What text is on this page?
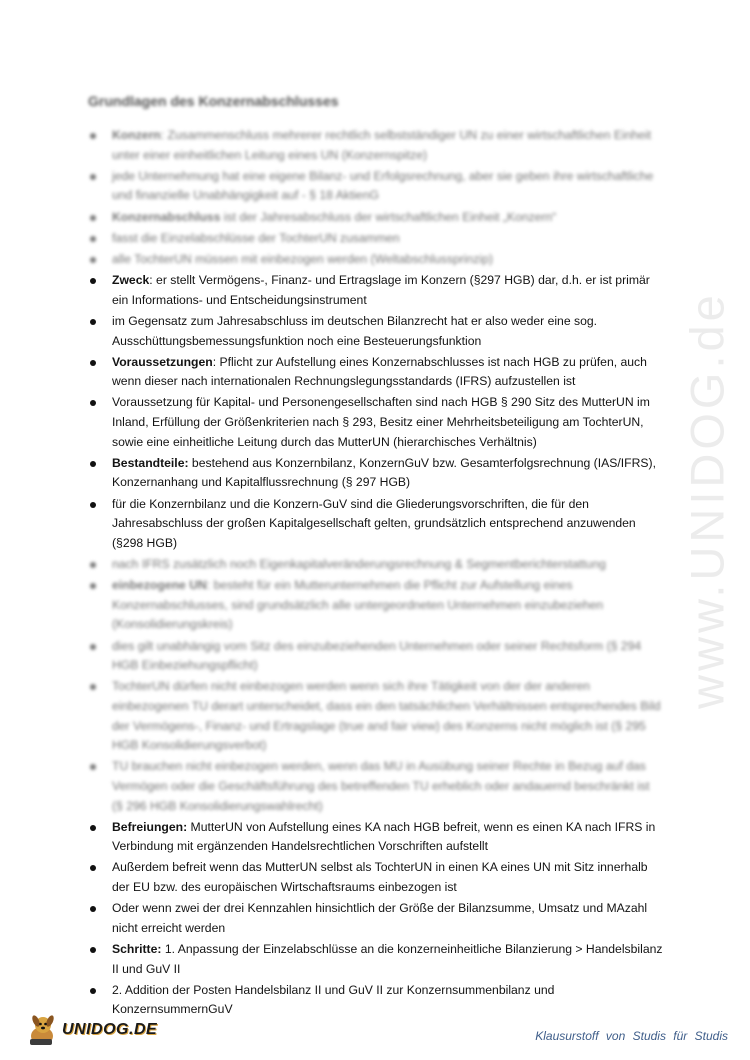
www.UNIDOG.de
Grundlagen des Konzernabschlusses
Konzern: Zusammenschluss mehrerer rechtlich selbstständiger UN zu einer wirtschaftlichen Einheit unter einer einheitlichen Leitung eines UN (Konzernspitze)
jede Unternehmung hat eine eigene Bilanz- und Erfolgsrechnung, aber sie geben ihre wirtschaftliche und finanzielle Unabhängigkeit auf - § 18 AktienG
Konzernabschluss ist der Jahresabschluss der wirtschaftlichen Einheit „Konzern“
fasst die Einzelabschlüsse der TochterUN zusammen
alle TochterUN müssen mit einbezogen werden (Weltabschlussprinzip)
Zweck: er stellt Vermögens-, Finanz- und Ertragslage im Konzern (§297 HGB) dar, d.h. er ist primär ein Informations- und Entscheidungsinstrument
im Gegensatz zum Jahresabschluss im deutschen Bilanzrecht hat er also weder eine sog. Ausschüttungsbemessungsfunktion noch eine Besteuerungsfunktion
Voraussetzungen: Pflicht zur Aufstellung eines Konzernabschlusses ist nach HGB zu prüfen, auch wenn dieser nach internationalen Rechnungslegungsstandards (IFRS) aufzustellen ist
Voraussetzung für Kapital- und Personengesellschaften sind nach HGB § 290 Sitz des MutterUN im Inland, Erfüllung der Größenkriterien nach § 293, Besitz einer Mehrheitsbeteiligung am TochterUN, sowie eine einheitliche Leitung durch das MutterUN (hierarchisches Verhältnis)
Bestandteile: bestehend aus Konzernbilanz, KonzernGuV bzw. Gesamterfolgsrechnung (IAS/IFRS), Konzernanhang und Kapitalflussrechnung (§ 297 HGB)
für die Konzernbilanz und die Konzern-GuV sind die Gliederungsvorschriften, die für den Jahresabschluss der großen Kapitalgesellschaft gelten, grundsätzlich entsprechend anzuwenden (§298 HGB)
nach IFRS zusätzlich noch Eigenkapitalveränderungsrechnung & Segmentberichterstattung
einbezogene UN: besteht für ein Mutterunternehmen die Pflicht zur Aufstellung eines Konzernabschlusses, sind grundsätzlich alle untergeordneten Unternehmen einzubeziehen (Konsolidierungskreis)
dies gilt unabhängig vom Sitz des einzubeziehenden Unternehmen oder seiner Rechtsform (§ 294 HGB Einbeziehungspflicht)
TochterUN dürfen nicht einbezogen werden wenn sich ihre Tätigkeit von der der anderen einbezogenen TU derart unterscheidet, dass ein den tatsächlichen Verhältnissen entsprechendes Bild der Vermögens-, Finanz- und Ertragslage (true and fair view) des Konzerns nicht möglich ist (§ 295 HGB Konsolidierungsverbot)
TU brauchen nicht einbezogen werden, wenn das MU in Ausübung seiner Rechte in Bezug auf das Vermögen oder die Geschäftsführung des betreffenden TU erheblich oder andauernd beschränkt ist (§ 296 HGB Konsolidierungswahlrecht)
Befreiungen: MutterUN von Aufstellung eines KA nach HGB befreit, wenn es einen KA nach IFRS in Verbindung mit ergänzenden Handelsrechtlichen Vorschriften aufstellt
Außerdem befreit wenn das MutterUN selbst als TochterUN in einen KA eines UN mit Sitz innerhalb der EU bzw. des europäischen Wirtschaftsraums einbezogen ist
Oder wenn zwei der drei Kennzahlen hinsichtlich der Größe der Bilanzsumme, Umsatz und MAzahl nicht erreicht werden
Schritte: 1. Anpassung der Einzelabschlüsse an die konzerneinheitliche Bilanzierung > Handelsbilanz II und GuV II
2. Addition der Posten Handelsbilanz II und GuV II zur Konzernsummenbilanz und KonzernsummernGuV
UNIDOG.DE	Klausurstoff von Studis für Studis
